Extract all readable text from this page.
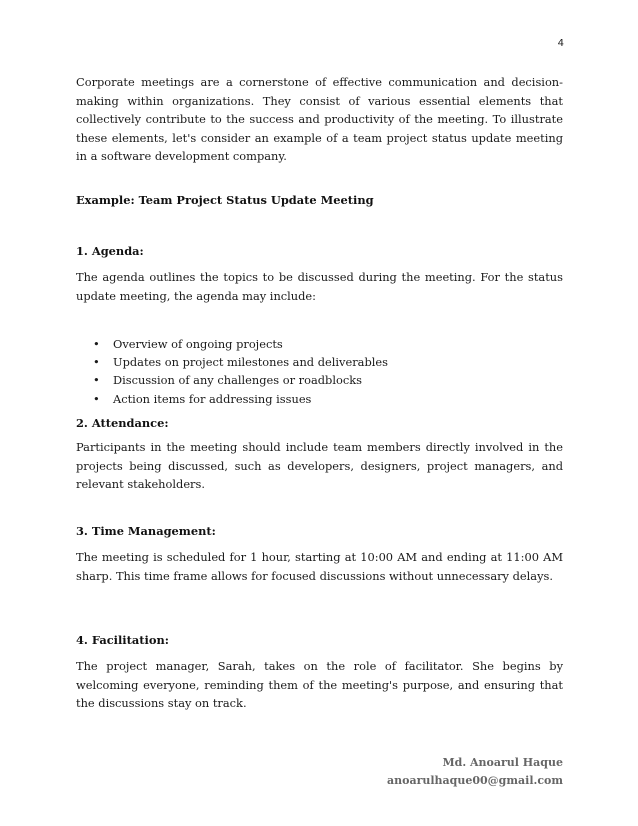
4

Corporate meetings are a cornerstone of effective communication and decision-making within organizations. They consist of various essential elements that collectively contribute to the success and productivity of the meeting. To illustrate these elements, let's consider an example of a team project status update meeting in a software development company.

Example: Team Project Status Update Meeting
1. Agenda:

The agenda outlines the topics to be discussed during the meeting. For the status update meeting, the agenda may include:

• Overview of ongoing projects
• Updates on project milestones and deliverables
• Discussion of any challenges or roadblocks
• Action items for addressing issues
2. Attendance:

Participants in the meeting should include team members directly involved in the projects being discussed, such as developers, designers, project managers, and relevant stakeholders.

3. Time Management:

The meeting is scheduled for 1 hour, starting at 10:00 AM and ending at 11:00 AM sharp. This time frame allows for focused discussions without unnecessary delays.

4. Facilitation:

The project manager, Sarah, takes on the role of facilitator. She begins by welcoming everyone, reminding them of the meeting's purpose, and ensuring that the discussions stay on track.

Md. Anoarul Haque
anoarulhaque00@gmail.com
